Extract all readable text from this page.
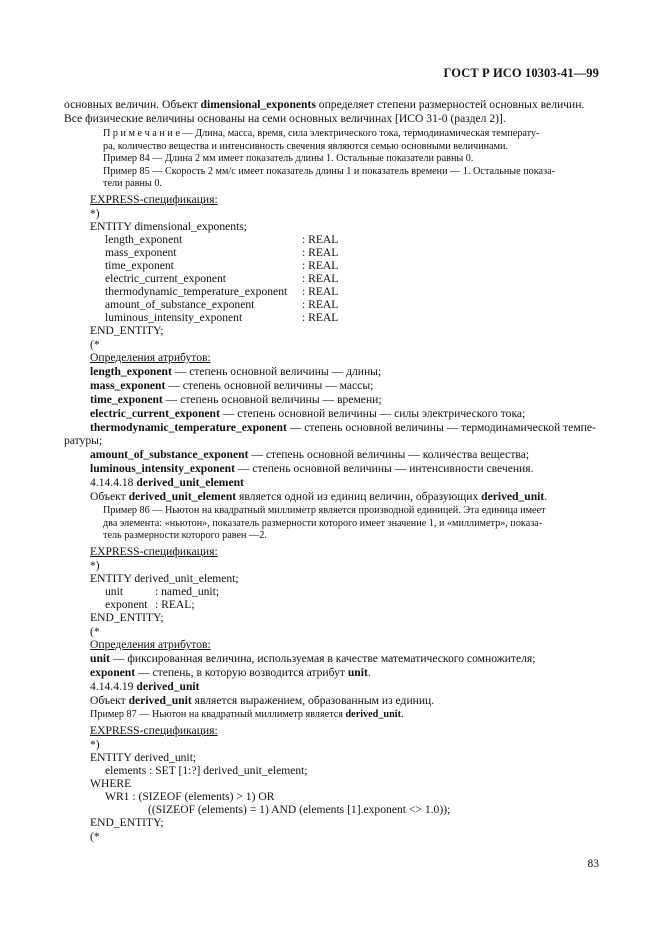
ГОСТ Р ИСО 10303-41—99
основных величин. Объект dimensional_exponents определяет степени размерностей основных величин.
Все физические величины основаны на семи основных величинах [ИСО 31-0 (раздел 2)].
П р и м е ч а н и е — Длина, масса, время, сила электрического тока, термодинамическая температу-
ра, количество вещества и интенсивность свечения являются семью основными величинами.
Пример 84 — Длина 2 мм имеет показатель длины 1. Остальные показатели равны 0.
Пример 85 — Скорость 2 мм/с имеет показатель длины 1 и показатель времени — 1. Остальные показа-
тели равны 0.
EXPRESS-спецификация:
*)
ENTITY dimensional_exponents;
length_exponent	: REAL
mass_exponent	: REAL
time_exponent	: REAL
electric_current_exponent	: REAL
thermodynamic_temperature_exponent : REAL
amount_of_substance_exponent	: REAL
luminous_intensity_exponent	: REAL
END_ENTITY;
(*
Определения атрибутов:
length_exponent — степень основной величины — длины;
mass_exponent — степень основной величины — массы;
time_exponent — степень основной величины — времени;
electric_current_exponent — степень основной величины — силы электрического тока;
thermodynamic_temperature_exponent — степень основной величины — термодинамической темпе-
ратуры;
amount_of_substance_exponent — степень основной величины — количества вещества;
luminous_intensity_exponent — степень основной величины — интенсивности свечения.
4.14.4.18 derived_unit_element
Объект derived_unit_element является одной из единиц величин, образующих derived_unit.
Пример 86 — Ньютон на квадратный миллиметр является производной единицей. Эта единица имеет
два элемента: «ньютон», показатель размерности которого имеет значение 1, и «миллиметр», показа-
тель размерности которого равен —2.
EXPRESS-спецификация:
*)
ENTITY derived_unit_element;
unit	: named_unit;
exponent : REAL;
END_ENTITY;
(*
Определения атрибутов:
unit — фиксированная величина, используемая в качестве математического сомножителя;
exponent — степень, в которую возводится атрибут unit.
4.14.4.19 derived_unit
Объект derived_unit является выражением, образованным из единиц.
Пример 87 — Ньютон на квадратный миллиметр является derived_unit.
EXPRESS-спецификация:
*)
ENTITY derived_unit;
elements : SET [1:?] derived_unit_element;
WHERE
WR1 : (SIZEOF (elements) > 1) OR
((SIZEOF (elements) = 1) AND (elements [1].exponent <> 1.0));
END_ENTITY;
(*
83
